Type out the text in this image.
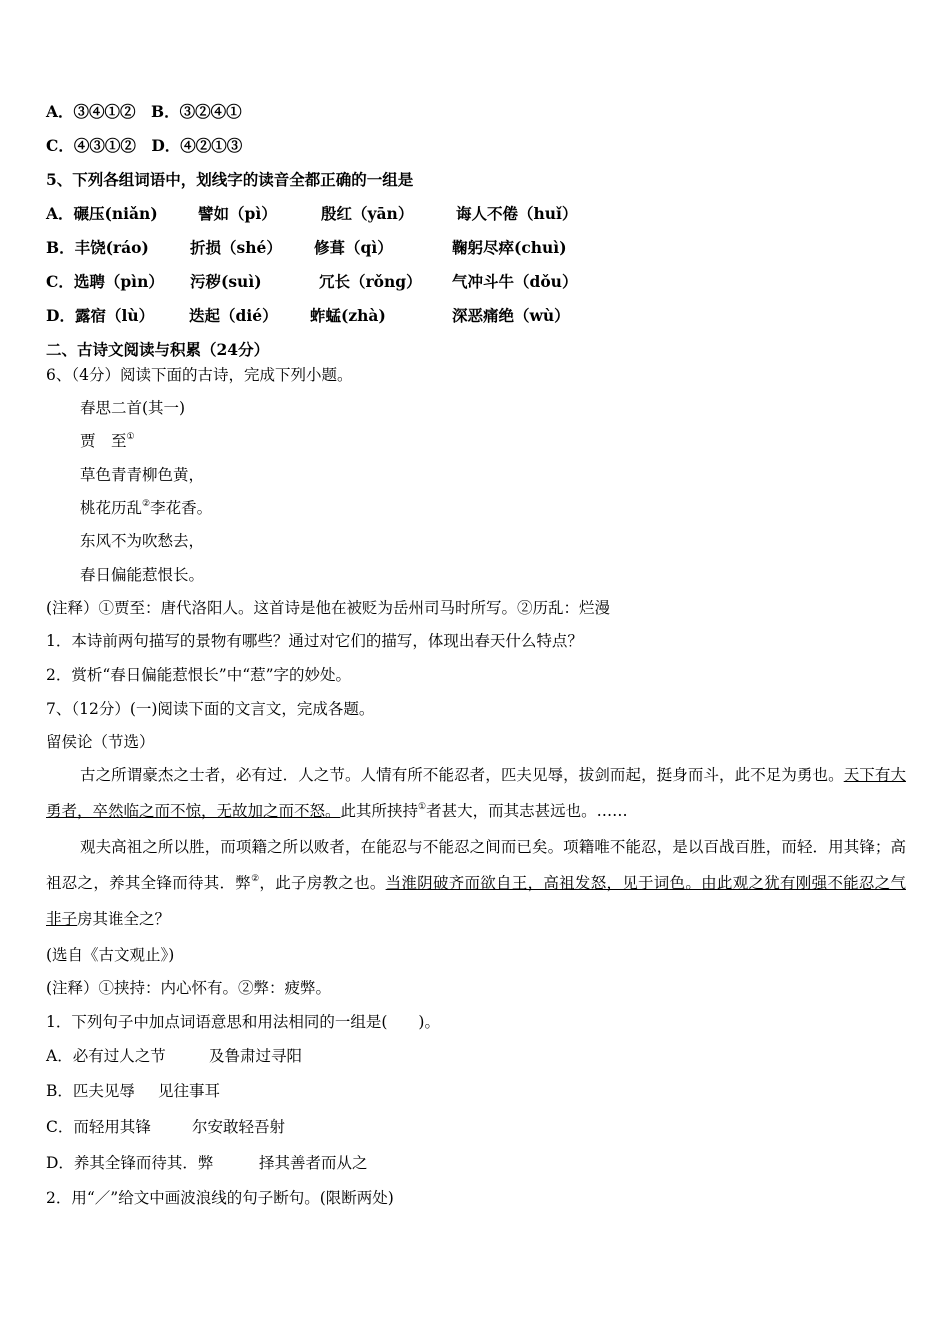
A．③④①②　B．③②④①
C．④③①②　D．④②①③
5、下列各组词语中，划线字的读音全都正确的一组是
A．碾压(niǎn)	譬如（pì）	殷红（yān）	诲人不倦（huǐ）
B．丰饶(ráo)	折损（shé） 修葺（qì）	鞠躬尽瘁(chuì)
C．选聘（pìn） 污秽(suì)	冗长（rǒng） 气冲斗牛（dǒu）
D．露宿（lù） 迭起（dié） 蚱蜢(zhà)	深恶痛绝（wù）
二、古诗文阅读与积累（24分）
6、（4分）阅读下面的古诗，完成下列小题。
春思二首(其一)
贾　至①
草色青青柳色黄，
桃花历乱②李花香。
东风不为吹愁去，
春日偏能惹恨长。
(注释）①贾至：唐代洛阳人。这首诗是他在被贬为岳州司马时所写。②历乱：烂漫
1．本诗前两句描写的景物有哪些？通过对它们的描写，体现出春天什么特点？
2．赏析“春日偏能惹恨长”中“惹”字的妙处。
7、（12分）(一)阅读下面的文言文，完成各题。
留侯论（节选）
古之所谓豪杰之士者，必有过．人之节。人情有所不能忍者，匹夫见辱，拔剑而起，挺身而斗，此不足为勇也。天下有大勇者，卒然临之而不惊，无故加之而不怒。此其所挟持①者甚大，而其志甚远也。……
观夫高祖之所以胜，而项籍之所以败者，在能忍与不能忍之间而已矣。项籍唯不能忍，是以百战百胜，而轻．用其锋；高祖忍之，养其全锋而待其．弊②，此子房教之也。当淮阴破齐而欲自王，高祖发怒，见于词色。由此观之犹有刚强不能忍之气非子房其谁全之？
(选自《古文观止》)
(注释）①挟持：内心怀有。②弊：疲弊。
1．下列句子中加点词语意思和用法相同的一组是(　　)。
A．必有过人之节	及鲁肃过寻阳
B．匹夫见辱 见往事耳
C．而轻用其锋	尔安敢轻吾射
D．养其全锋而待其．弊	择其善者而从之
2．用“／”给文中画波浪线的句子断句。(限断两处)
